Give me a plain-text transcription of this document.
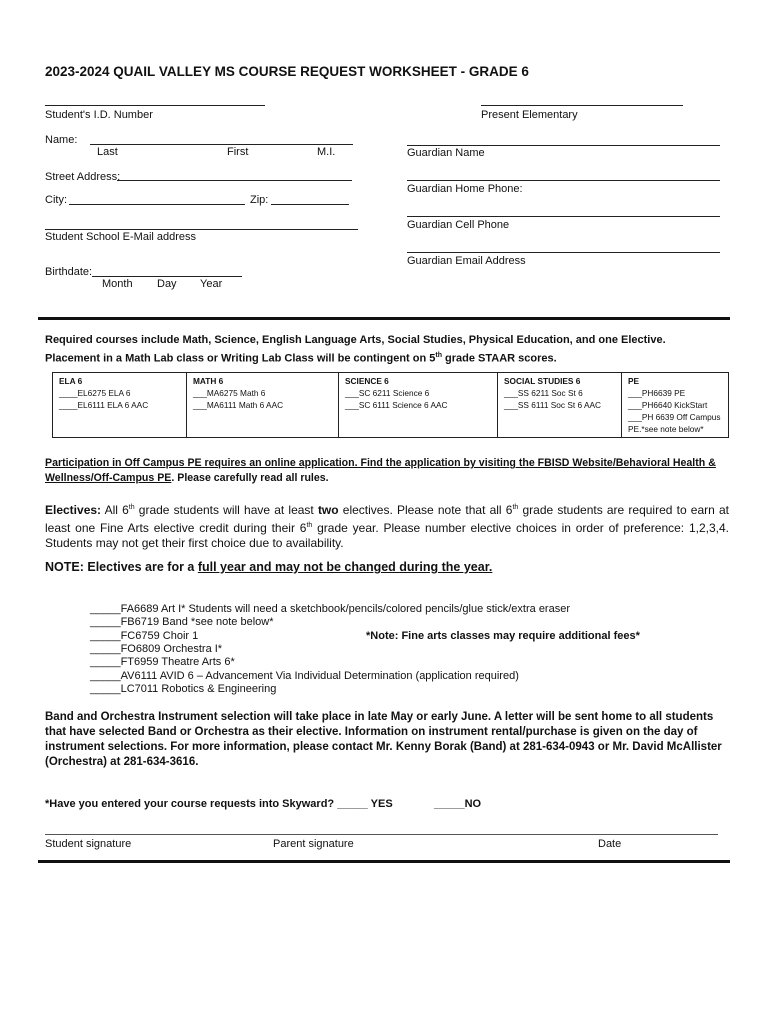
2023-2024 QUAIL VALLEY MS COURSE REQUEST WORKSHEET - GRADE 6
Student's I.D. Number	Present Elementary
Name:
Last	First	M.I.	Guardian Name
Street Address:
Guardian Home Phone:
City:	Zip:
Guardian Cell Phone
Student School E-Mail address
Guardian Email Address
Birthdate:
Month Day Year
Required courses include Math, Science, English Language Arts, Social Studies, Physical Education, and one Elective.
Placement in a Math Lab class or Writing Lab Class will be contingent on 5th grade STAAR scores.
ELA 6
____EL6275 ELA 6
____EL6111 ELA 6 AAC

MATH 6
___MA6275 Math 6
___MA6111 Math 6 AAC

SCIENCE 6
___SC 6211 Science 6
___SC 6111 Science 6 AAC

SOCIAL STUDIES 6
___SS 6211 Soc St 6
___SS 6111 Soc St 6 AAC

PE
___PH6639 PE
___PH6640 KickStart
___PH 6639 Off Campus
PE.*see note below*
Participation in Off Campus PE requires an online application. Find the application by visiting the FBISD Website/Behavioral Health & Wellness/Off-Campus PE. Please carefully read all rules.
Electives: All 6th grade students will have at least two electives. Please note that all 6th grade students are required to earn at least one Fine Arts elective credit during their 6th grade year. Please number elective choices in order of preference: 1,2,3,4. Students may not get their first choice due to availability.
NOTE: Electives are for a full year and may not be changed during the year.
_____FA6689 Art I* Students will need a sketchbook/pencils/colored pencils/glue stick/extra eraser
_____FB6719 Band *see note below*
_____FC6759 Choir 1
_____FO6809 Orchestra I*
_____FT6959 Theatre Arts 6*
_____AV6111 AVID 6 – Advancement Via Individual Determination (application required)
_____LC7011 Robotics & Engineering
*Note: Fine arts classes may require additional fees*
Band and Orchestra Instrument selection will take place in late May or early June. A letter will be sent home to all students that have selected Band or Orchestra as their elective. Information on instrument rental/purchase is given on the day of instrument selections. For more information, please contact Mr. Kenny Borak (Band) at 281-634-0943 or Mr. David McAllister (Orchestra) at 281-634-3616.
*Have you entered your course requests into Skyward? _____ YES	_____NO
Student signature	Parent signature	Date
